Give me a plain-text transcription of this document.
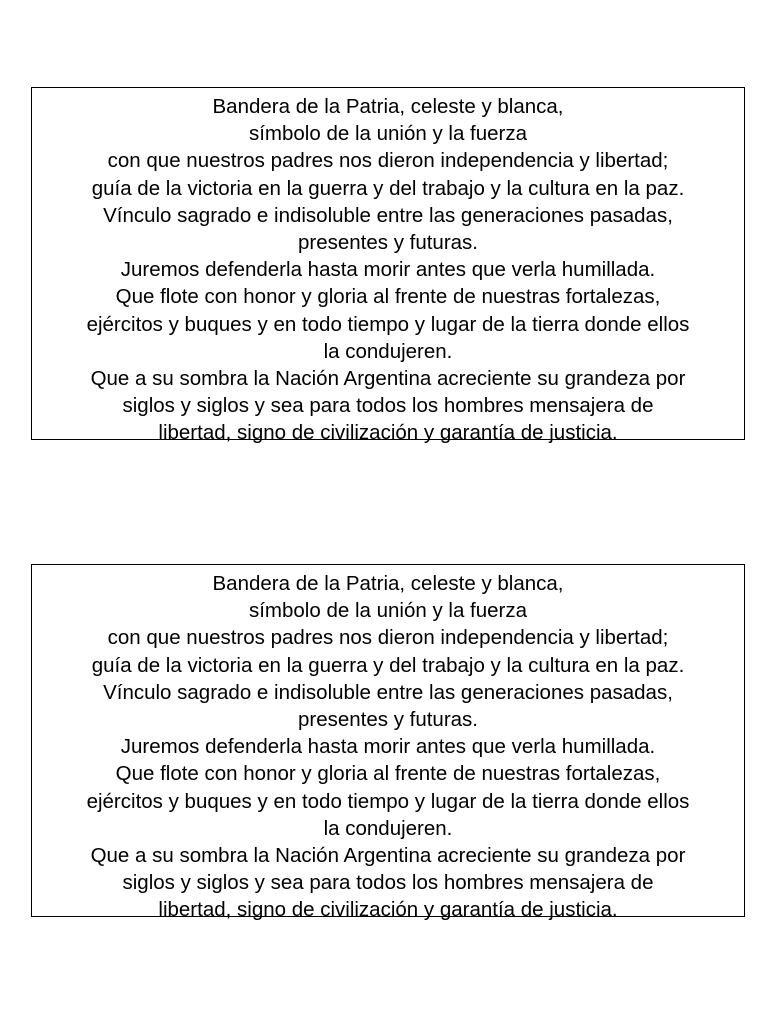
Bandera de la Patria, celeste y blanca,
símbolo de la unión y la fuerza
con que nuestros padres nos dieron independencia y libertad;
guía de la victoria en la guerra y del trabajo y la cultura en la paz.
Vínculo sagrado e indisoluble entre las generaciones pasadas,
presentes y futuras.
Juremos defenderla hasta morir antes que verla humillada.
Que flote con honor y gloria al frente de nuestras fortalezas,
ejércitos y buques y en todo tiempo y lugar de la tierra donde ellos
la condujeren.
Que a su sombra la Nación Argentina acreciente su grandeza por
siglos y siglos y sea para todos los hombres mensajera de
libertad, signo de civilización y garantía de justicia.
Bandera de la Patria, celeste y blanca,
símbolo de la unión y la fuerza
con que nuestros padres nos dieron independencia y libertad;
guía de la victoria en la guerra y del trabajo y la cultura en la paz.
Vínculo sagrado e indisoluble entre las generaciones pasadas,
presentes y futuras.
Juremos defenderla hasta morir antes que verla humillada.
Que flote con honor y gloria al frente de nuestras fortalezas,
ejércitos y buques y en todo tiempo y lugar de la tierra donde ellos
la condujeren.
Que a su sombra la Nación Argentina acreciente su grandeza por
siglos y siglos y sea para todos los hombres mensajera de
libertad, signo de civilización y garantía de justicia.
